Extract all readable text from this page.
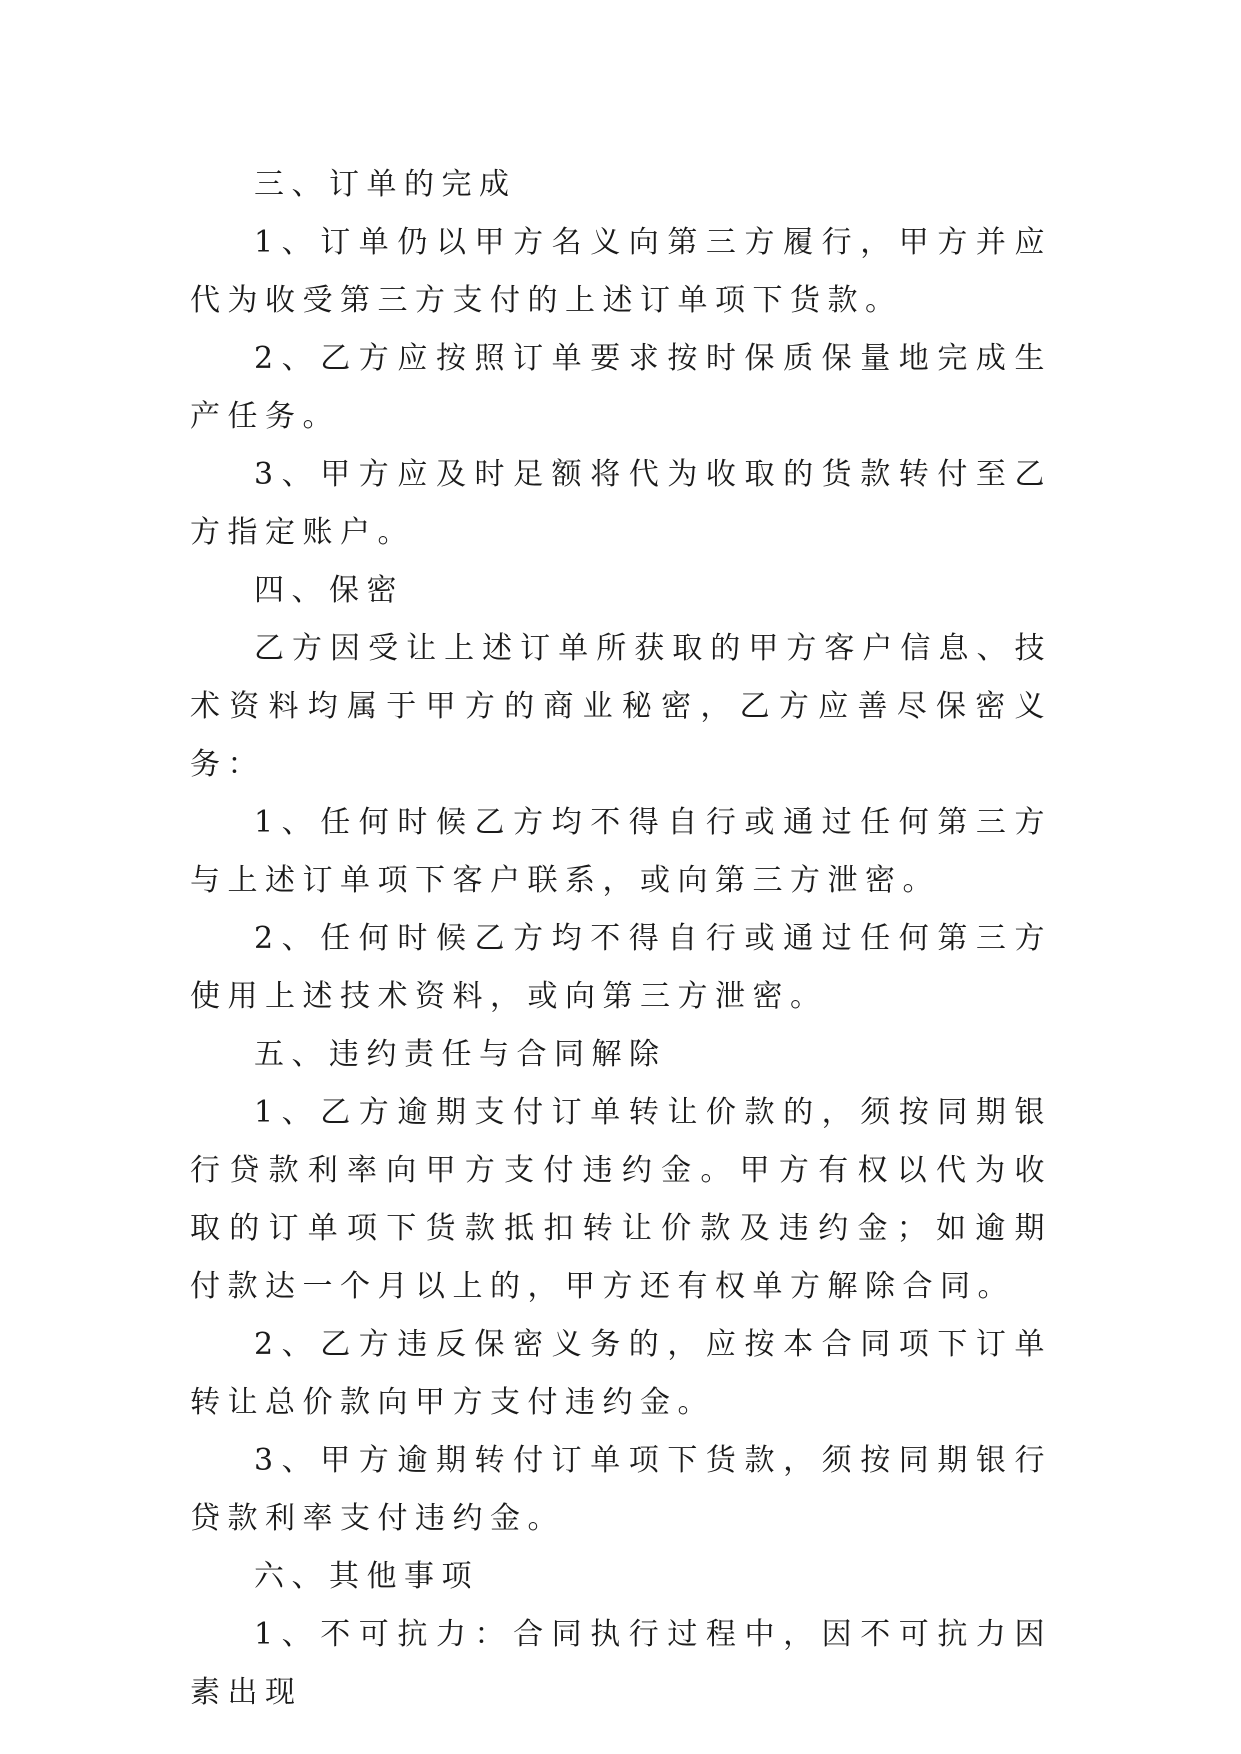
三、订单的完成

1、订单仍以甲方名义向第三方履行，甲方并应代为收受第三方支付的上述订单项下货款。

2、乙方应按照订单要求按时保质保量地完成生产任务。

3、甲方应及时足额将代为收取的货款转付至乙方指定账户。

四、保密

乙方因受让上述订单所获取的甲方客户信息、技术资料均属于甲方的商业秘密，乙方应善尽保密义务：

1、任何时候乙方均不得自行或通过任何第三方与上述订单项下客户联系，或向第三方泄密。

2、任何时候乙方均不得自行或通过任何第三方使用上述技术资料，或向第三方泄密。

五、违约责任与合同解除

1、乙方逾期支付订单转让价款的，须按同期银行贷款利率向甲方支付违约金。甲方有权以代为收取的订单项下货款抵扣转让价款及违约金；如逾期付款达一个月以上的，甲方还有权单方解除合同。

2、乙方违反保密义务的，应按本合同项下订单转让总价款向甲方支付违约金。

3、甲方逾期转付订单项下货款，须按同期银行贷款利率支付违约金。

六、其他事项

1、不可抗力：合同执行过程中，因不可抗力因素出现
